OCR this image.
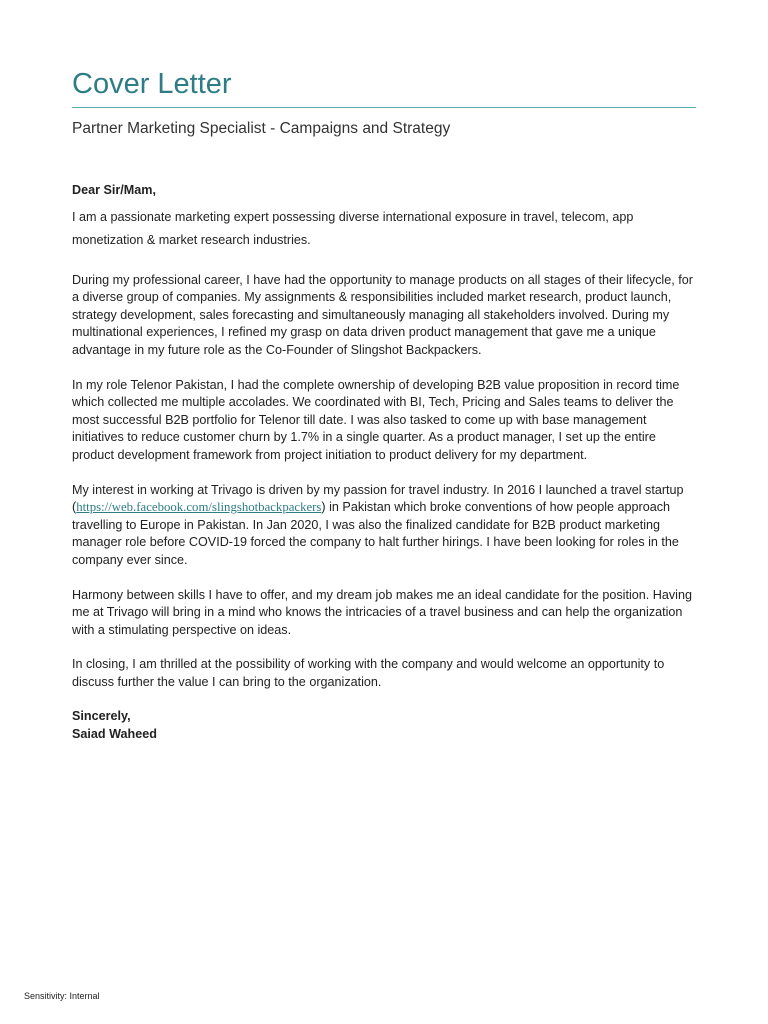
Cover Letter
Partner Marketing Specialist - Campaigns and Strategy

Dear Sir/Mam,

I am a passionate marketing expert possessing diverse international exposure in travel, telecom, app monetization & market research industries.

During my professional career, I have had the opportunity to manage products on all stages of their lifecycle, for a diverse group of companies. My assignments & responsibilities included market research, product launch, strategy development, sales forecasting and simultaneously managing all stakeholders involved. During my multinational experiences, I refined my grasp on data driven product management that gave me a unique advantage in my future role as the Co-Founder of Slingshot Backpackers.

In my role Telenor Pakistan, I had the complete ownership of developing B2B value proposition in record time which collected me multiple accolades. We coordinated with BI, Tech, Pricing and Sales teams to deliver the most successful B2B portfolio for Telenor till date. I was also tasked to come up with base management initiatives to reduce customer churn by 1.7% in a single quarter. As a product manager, I set up the entire product development framework from project initiation to product delivery for my department.

My interest in working at Trivago is driven by my passion for travel industry. In 2016 I launched a travel startup (https://web.facebook.com/slingshotbackpackers) in Pakistan which broke conventions of how people approach travelling to Europe in Pakistan. In Jan 2020, I was also the finalized candidate for B2B product marketing manager role before COVID-19 forced the company to halt further hirings. I have been looking for roles in the company ever since.

Harmony between skills I have to offer, and my dream job makes me an ideal candidate for the position. Having me at Trivago will bring in a mind who knows the intricacies of a travel business and can help the organization with a stimulating perspective on ideas.

In closing, I am thrilled at the possibility of working with the company and would welcome an opportunity to discuss further the value I can bring to the organization.

Sincerely,

Saiad Waheed

Sensitivity: Internal
